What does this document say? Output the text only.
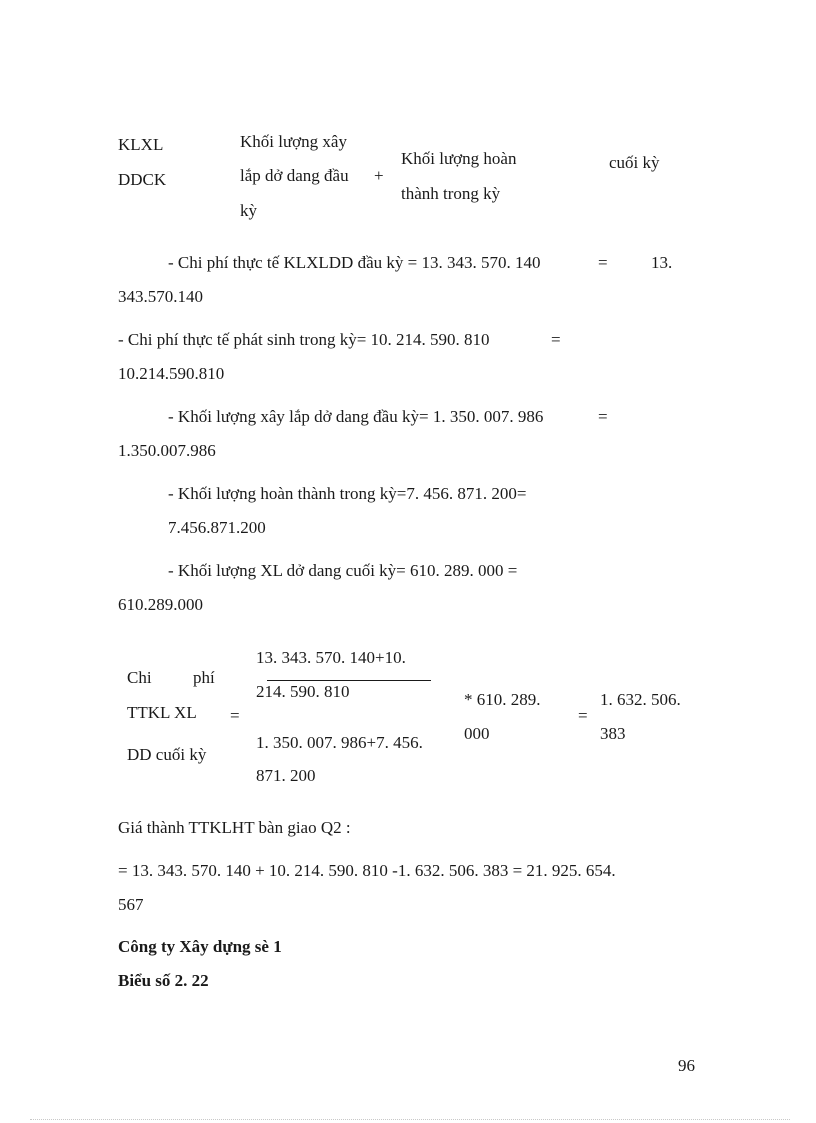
KLXL
DDCK
Khối lượng xây
lắp dở dang đầu
kỳ
+
Khối lượng hoàn
thành trong kỳ
cuối kỳ
- Chi phí thực tế KLXLDD đầu kỳ = 13. 343. 570. 140	=	13.
343.570.140
- Chi phí thực tế phát sinh trong kỳ= 10. 214. 590. 810	=
10.214.590.810
- Khối lượng xây lắp dở dang đầu kỳ= 1. 350. 007. 986	=
1.350.007.986
- Khối lượng hoàn thành trong kỳ=7. 456. 871. 200=
7.456.871.200
- Khối lượng XL dở dang cuối kỳ= 610. 289. 000 =
610.289.000
Chi phí
TTKL XL
DD cuối kỳ
=
13. 343. 570. 140+10.
214. 590. 810
1. 350. 007. 986+7. 456.
871. 200
* 610. 289.
000
=
1. 632. 506.
383
Giá thành TTKLHT bàn giao Q2 :
= 13. 343. 570. 140 + 10. 214. 590. 810 -1. 632. 506. 383 = 21. 925. 654.
567
Công ty Xây dựng sè 1
Biểu số 2. 22
96
